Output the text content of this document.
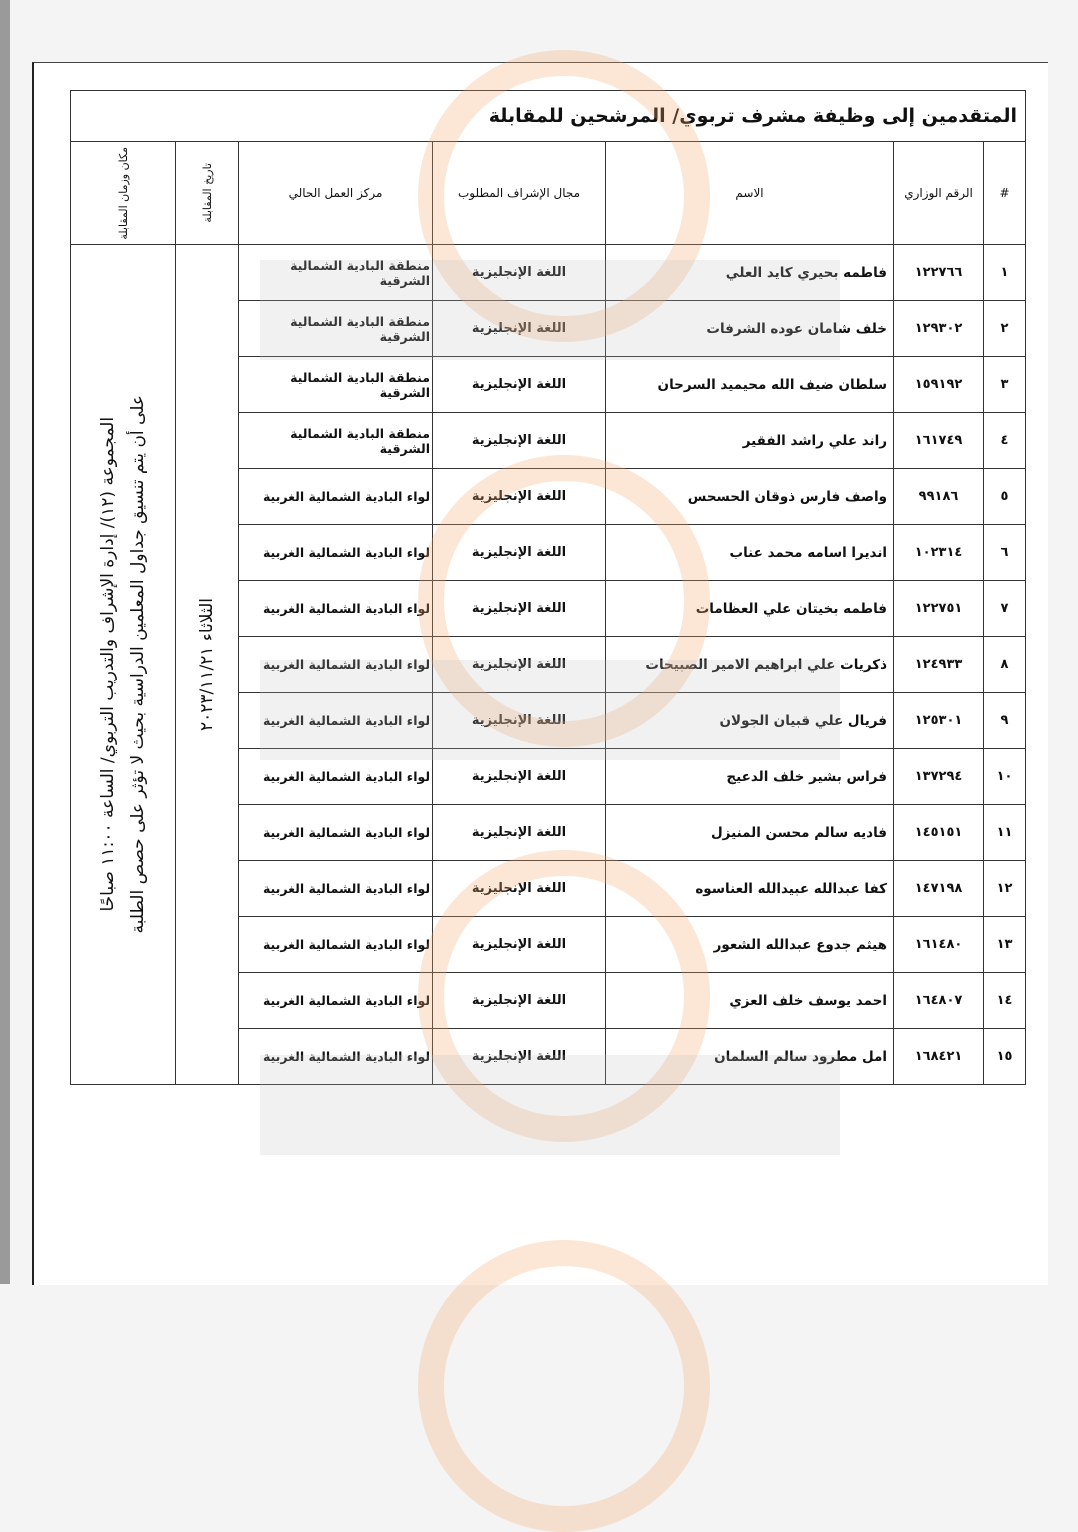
المتقدمين إلى وظيفة مشرف تربوي/ المرشحين للمقابلة						
#	الرقم الوزاري	الاسم	مجال الإشراف المطلوب	مركز العمل الحالي	تاريخ المقابلة	مكان وزمان المقابلة

١	١٢٢٧٦٦	فاطمه بحيري كايد العلي	اللغة الإنجليزية	منطقة البادية الشمالية الشرقية	الثلاثاء ٢٠٢٣/١١/٢١	المجموعة (١٢)/ إدارة الإشراف والتدريب التربوي/ الساعة ١١:٠٠ صباحًا على أن يتم تنسيق جداول المعلمين الدراسية بحيث لا تؤثر على حصص الطلبة

٢	١٢٩٣٠٢	خلف شامان عوده الشرفات	اللغة الإنجليزية	منطقة البادية الشمالية الشرقية		
٣	١٥٩١٩٢	سلطان ضيف الله محيميد السرحان	اللغة الإنجليزية	منطقة البادية الشمالية الشرقية		
٤	١٦١٧٤٩	راند علي راشد الفقير	اللغة الإنجليزية	منطقة البادية الشمالية الشرقية		
٥	٩٩١٨٦	واصف فارس ذوقان الحسحس	اللغة الإنجليزية	لواء البادية الشمالية الغربية		
٦	١٠٢٣١٤	انديرا اسامه محمد عناب	اللغة الإنجليزية	لواء البادية الشمالية الغربية		
٧	١٢٢٧٥١	فاطمه بخيتان علي العظامات	اللغة الإنجليزية	لواء البادية الشمالية الغربية		
٨	١٢٤٩٣٣	ذكريات علي ابراهيم الامير الصبيحات	اللغة الإنجليزية	لواء البادية الشمالية الغربية		
٩	١٢٥٣٠١	فريال علي قبيان الجولان	اللغة الإنجليزية	لواء البادية الشمالية الغربية		
١٠	١٣٧٢٩٤	فراس بشير خلف الدعيج	اللغة الإنجليزية	لواء البادية الشمالية الغربية		
١١	١٤٥١٥١	فاديه سالم محسن المنيزل	اللغة الإنجليزية	لواء البادية الشمالية الغربية		
١٢	١٤٧١٩٨	كفا عبدالله عبيدالله العناسوه	اللغة الإنجليزية	لواء البادية الشمالية الغربية		
١٣	١٦١٤٨٠	هيثم جدوع عبدالله الشعور	اللغة الإنجليزية	لواء البادية الشمالية الغربية		
١٤	١٦٤٨٠٧	احمد يوسف خلف العزي	اللغة الإنجليزية	لواء البادية الشمالية الغربية		
١٥	١٦٨٤٢١	امل مطرود سالم السلمان	اللغة الإنجليزية	لواء البادية الشمالية الغربية		
